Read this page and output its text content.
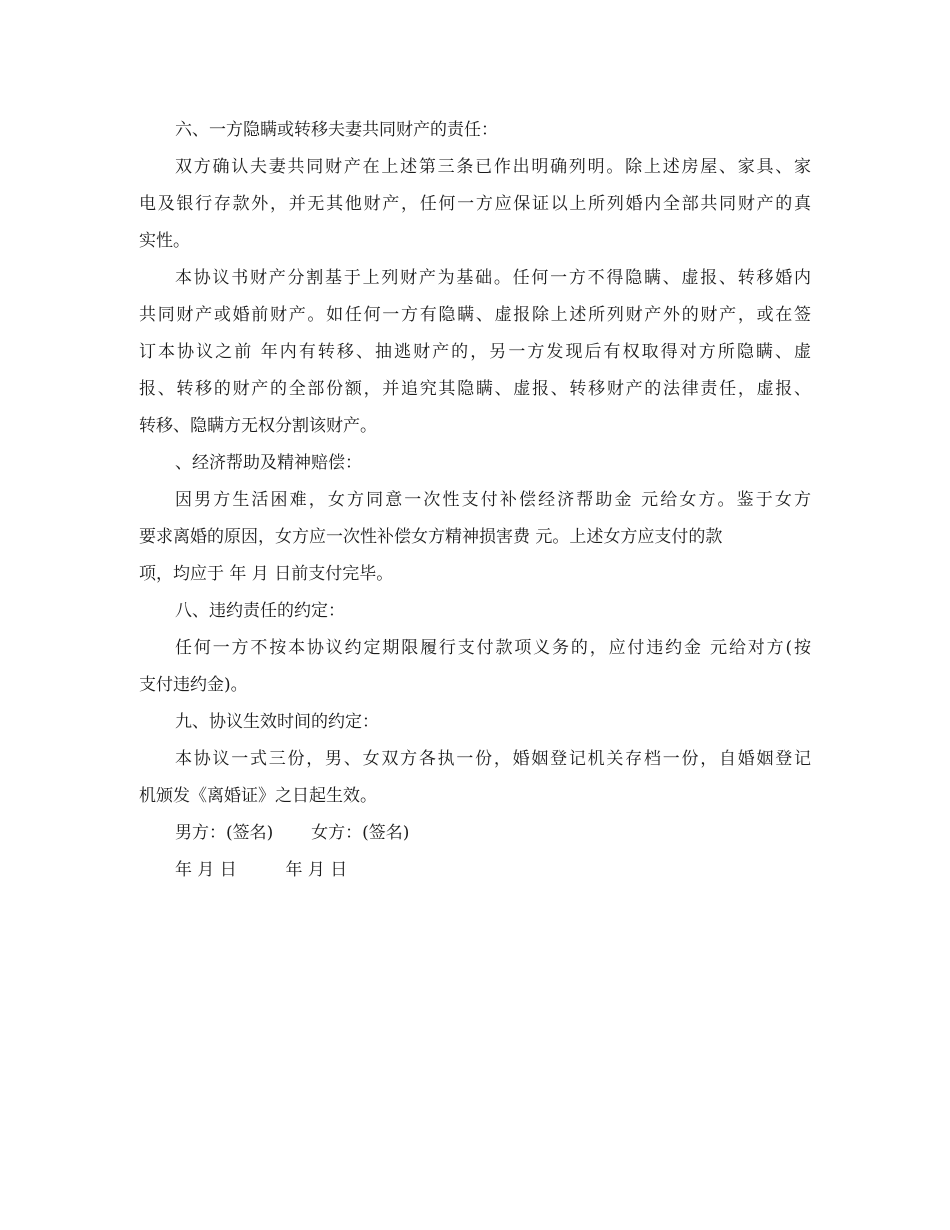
六、一方隐瞒或转移夫妻共同财产的责任：

双方确认夫妻共同财产在上述第三条已作出明确列明。除上述房屋、家具、家

电及银行存款外，并无其他财产，任何一方应保证以上所列婚内全部共同财产的真

实性。

本协议书财产分割基于上列财产为基础。任何一方不得隐瞒、虚报、转移婚内

共同财产或婚前财产。如任何一方有隐瞒、虚报除上述所列财产外的财产，或在签

订本协议之前 年内有转移、抽逃财产的，另一方发现后有权取得对方所隐瞒、虚

报、转移的财产的全部份额，并追究其隐瞒、虚报、转移财产的法律责任，虚报、

转移、隐瞒方无权分割该财产。

、经济帮助及精神赔偿：

因男方生活困难，女方同意一次性支付补偿经济帮助金 元给女方。鉴于女方

要求离婚的原因，女方应一次性补偿女方精神损害费 元。上述女方应支付的款

项，均应于 年 月 日前支付完毕。

八、违约责任的约定：

任何一方不按本协议约定期限履行支付款项义务的，应付违约金 元给对方(按

支付违约金)。

九、协议生效时间的约定：

本协议一式三份，男、女双方各执一份，婚姻登记机关存档一份，自婚姻登记

机颁发《离婚证》之日起生效。

男方：(签名)       女方：(签名)

年 月 日         年 月 日
